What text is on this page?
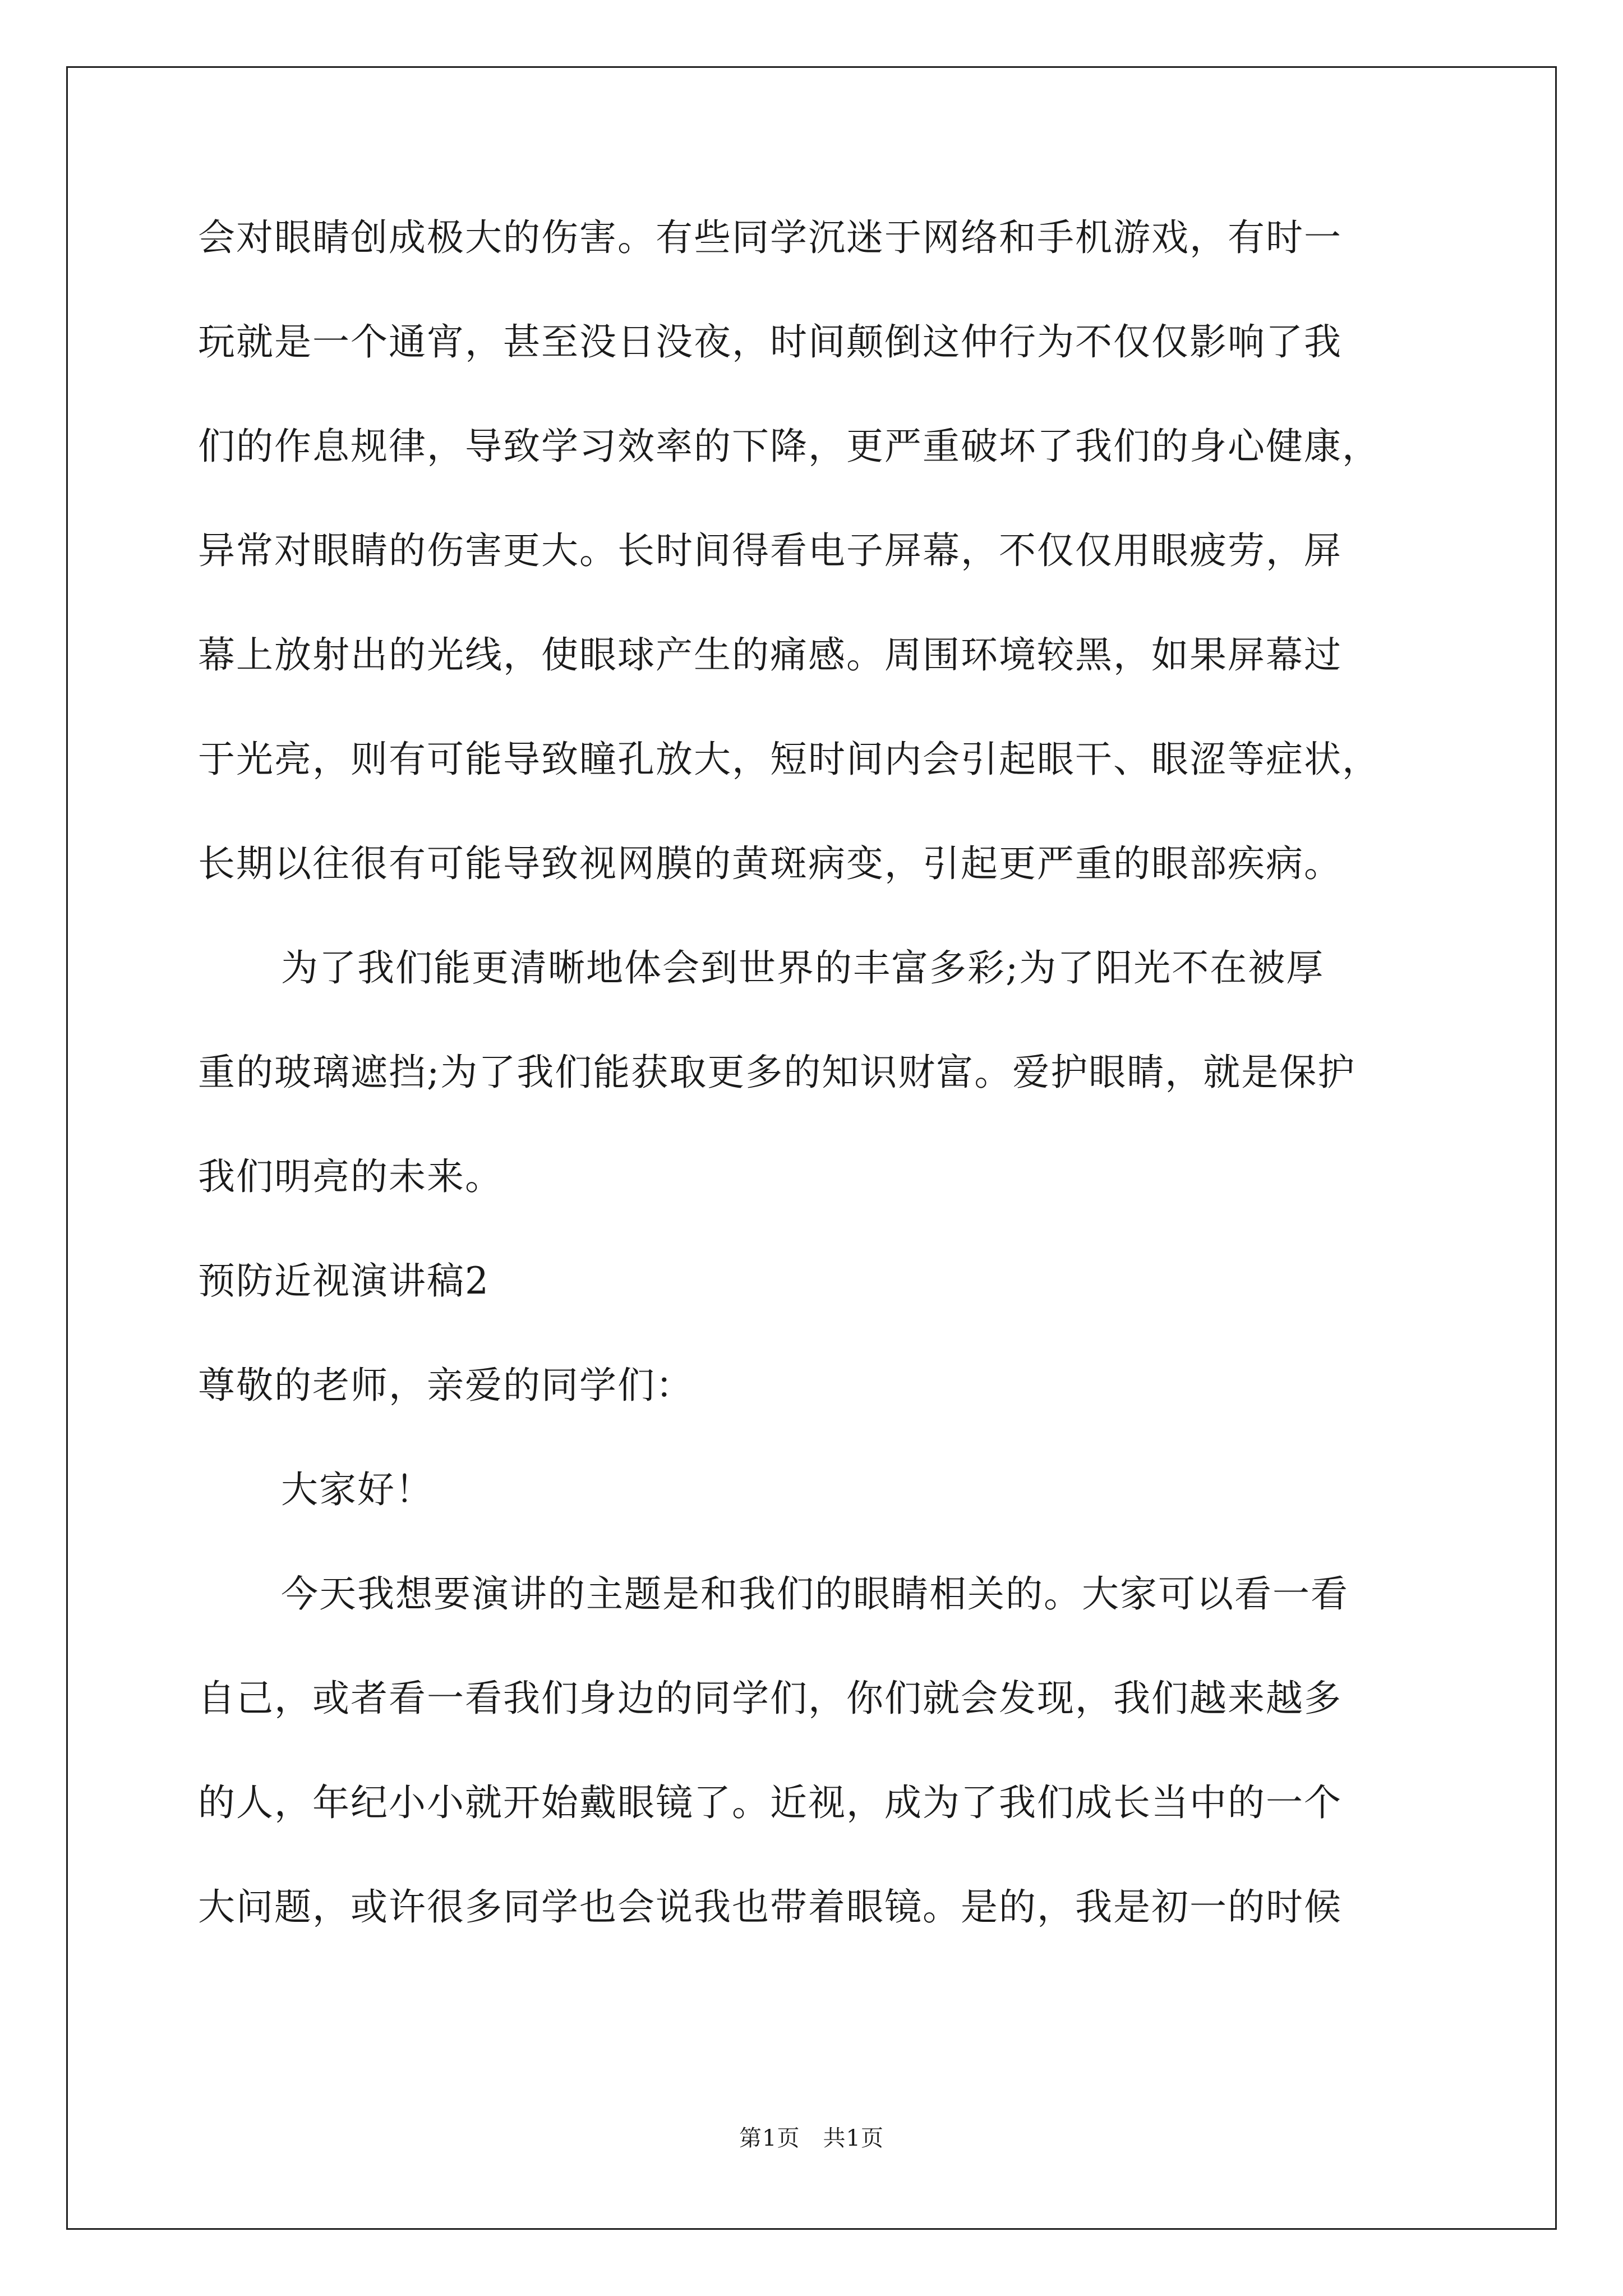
会对眼睛创成极大的伤害。有些同学沉迷于网络和手机游戏，有时一
玩就是一个通宵，甚至没日没夜，时间颠倒这仲行为不仅仅影响了我
们的作息规律，导致学习效率的下降，更严重破坏了我们的身心健康，
异常对眼睛的伤害更大。长时间得看电子屏幕，不仅仅用眼疲劳，屏
幕上放射出的光线，使眼球产生的痛感。周围环境较黑，如果屏幕过
于光亮，则有可能导致瞳孔放大，短时间内会引起眼干、眼涩等症状，
长期以往很有可能导致视网膜的黄斑病变，引起更严重的眼部疾病。
为了我们能更清晰地体会到世界的丰富多彩;为了阳光不在被厚
重的玻璃遮挡;为了我们能获取更多的知识财富。爱护眼睛，就是保护
我们明亮的未来。
预防近视演讲稿2
尊敬的老师，亲爱的同学们：
大家好！
今天我想要演讲的主题是和我们的眼睛相关的。大家可以看一看
自己，或者看一看我们身边的同学们，你们就会发现，我们越来越多
的人，年纪小小就开始戴眼镜了。近视，成为了我们成长当中的一个
大问题，或许很多同学也会说我也带着眼镜。是的，我是初一的时候
第1页　共1页
